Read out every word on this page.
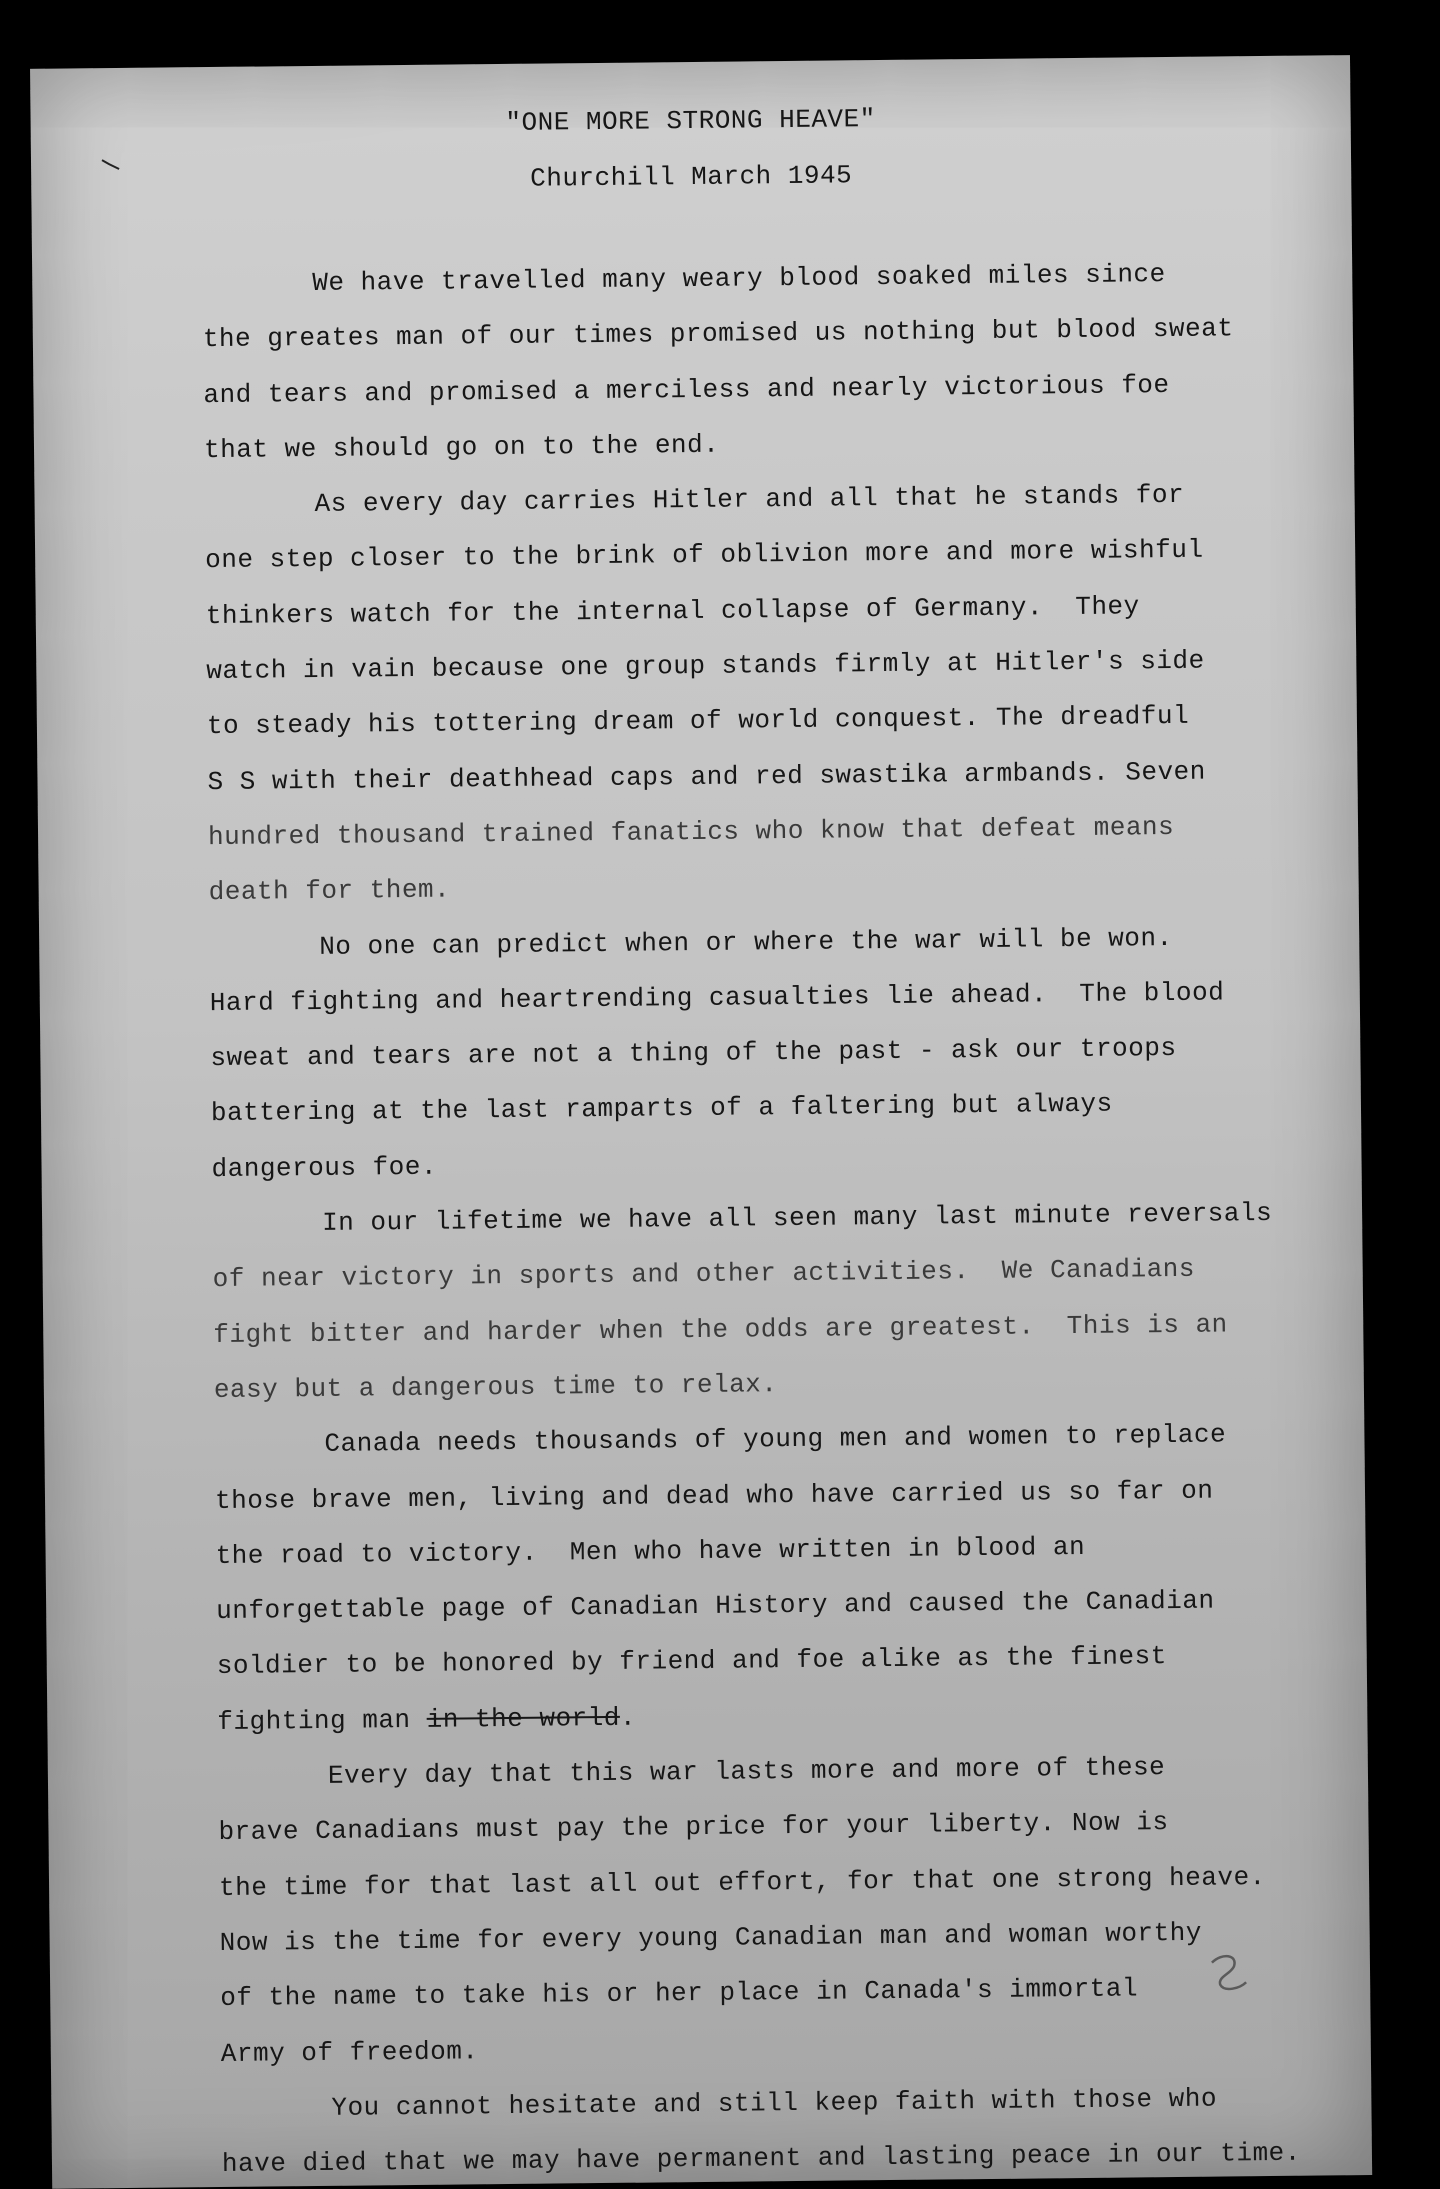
"ONE MORE STRONG HEAVE"
Churchill March 1945
We have travelled many weary blood soaked miles since
the greates man of our times promised us nothing but blood sweat
and tears and promised a merciless and nearly victorious foe
that we should go on to the end.
As every day carries Hitler and all that he stands for
one step closer to the brink of oblivion more and more wishful
thinkers watch for the internal collapse of Germany.  They
watch in vain because one group stands firmly at Hitler's side
to steady his tottering dream of world conquest. The dreadful
S S with their deathhead caps and red swastika armbands. Seven
hundred thousand trained fanatics who know that defeat means
death for them.
No one can predict when or where the war will be won.
Hard fighting and heartrending casualties lie ahead.  The blood
sweat and tears are not a thing of the past - ask our troops
battering at the last ramparts of a faltering but always
dangerous foe.
In our lifetime we have all seen many last minute reversals
of near victory in sports and other activities.  We Canadians
fight bitter and harder when the odds are greatest.  This is an
easy but a dangerous time to relax.
Canada needs thousands of young men and women to replace
those brave men, living and dead who have carried us so far on
the road to victory.  Men who have written in blood an
unforgettable page of Canadian History and caused the Canadian
soldier to be honored by friend and foe alike as the finest
fighting man in the world.
Every day that this war lasts more and more of these
brave Canadians must pay the price for your liberty. Now is
the time for that last all out effort, for that one strong heave.
Now is the time for every young Canadian man and woman worthy
of the name to take his or her place in Canada's immortal
Army of freedom.
You cannot hesitate and still keep faith with those who
have died that we may have permanent and lasting peace in our time.
